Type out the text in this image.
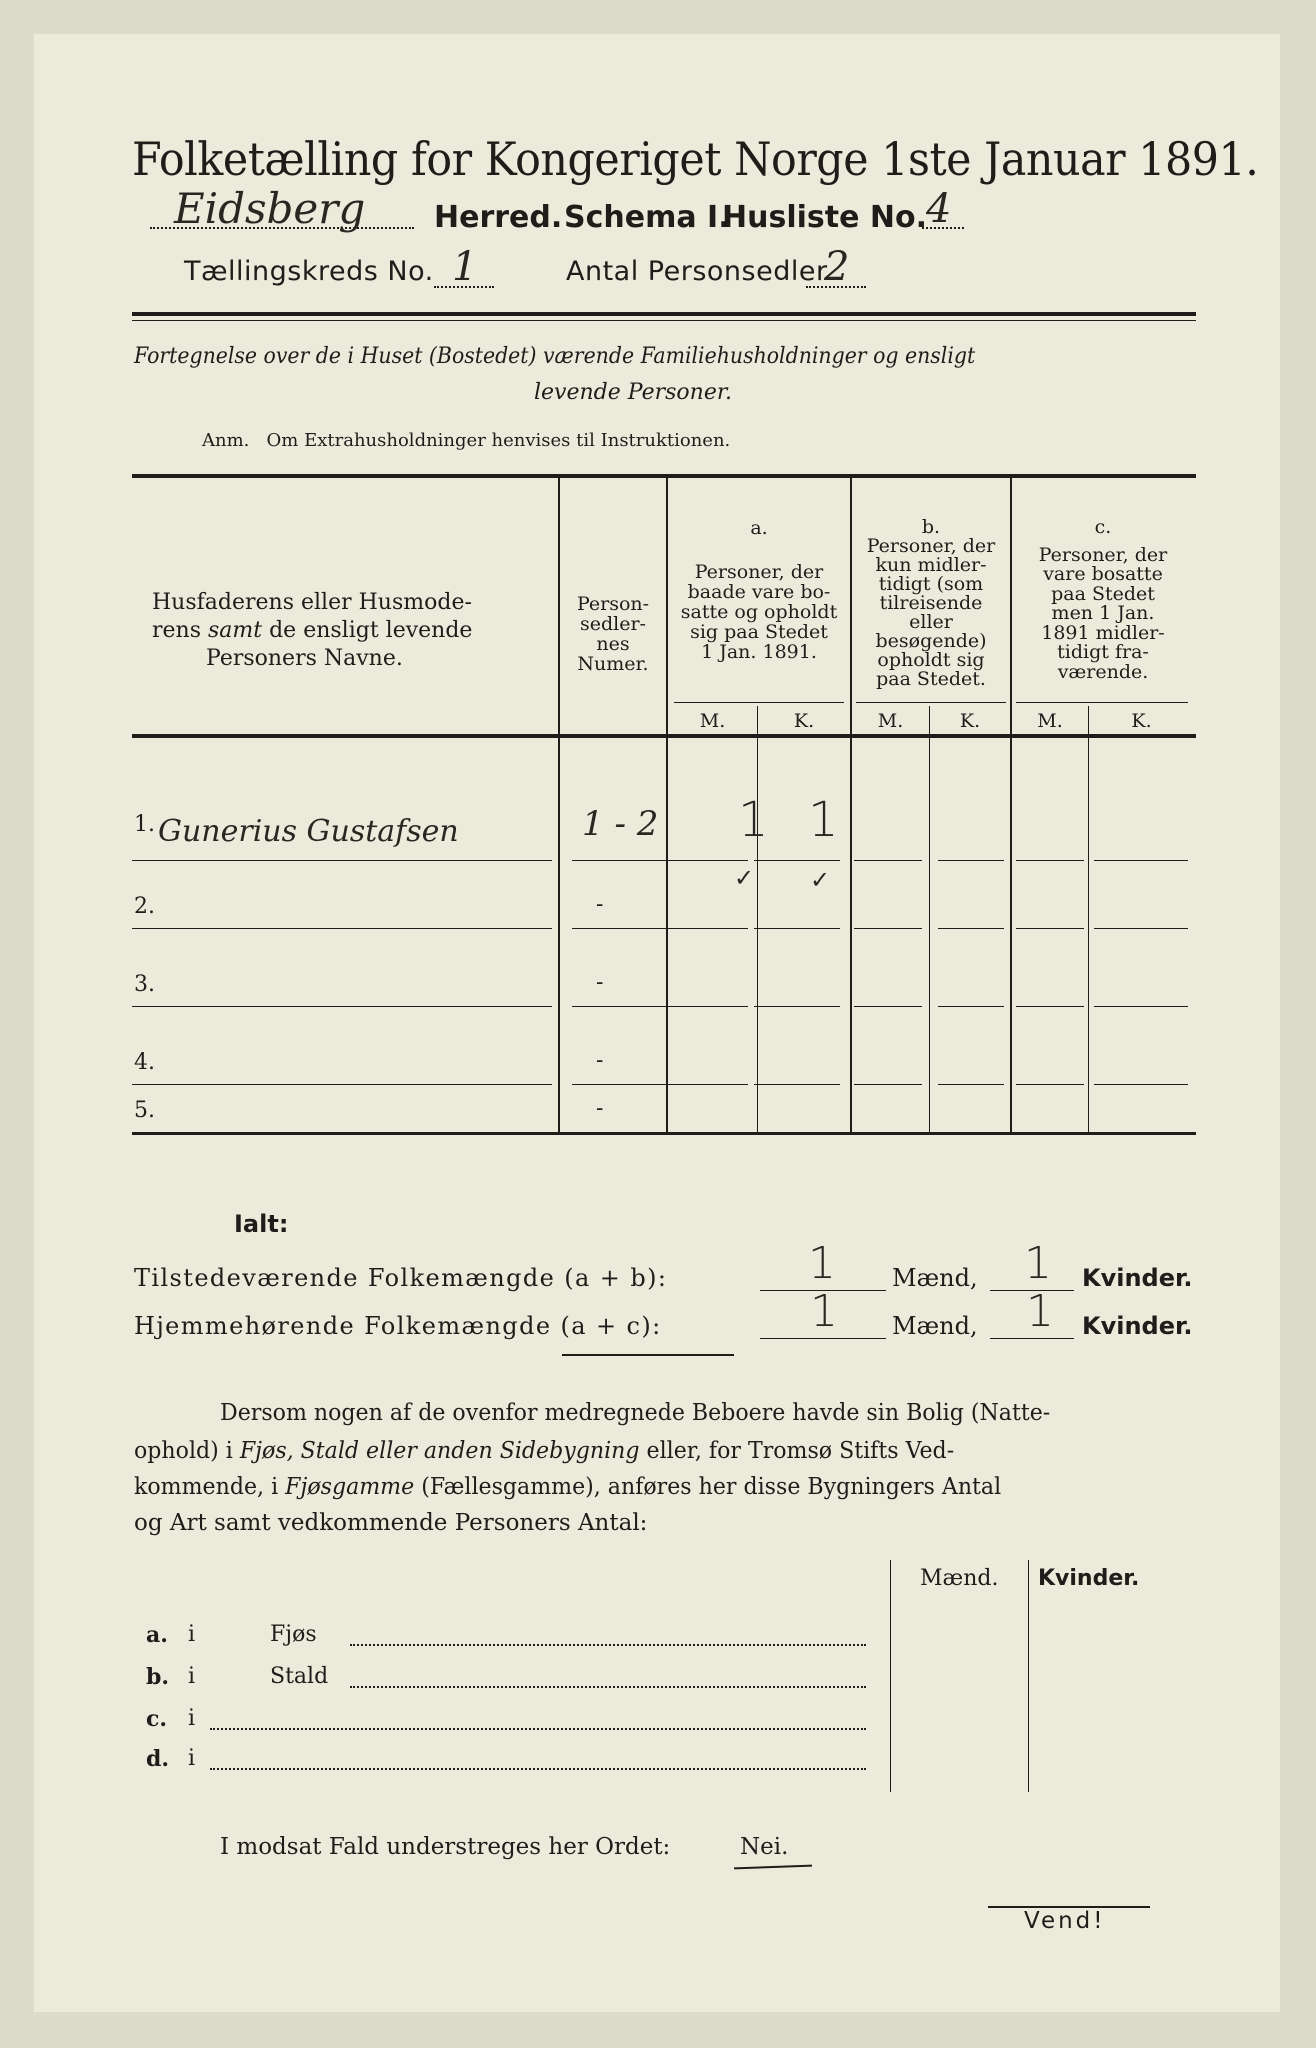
Folketælling for Kongeriget Norge 1ste Januar 1891.
Eidsberg Herred. Schema I.
Husliste No. 4
Tællingskreds No. 1	Antal Personsedler
2
Fortegnelse over de i Huset (Bostedet) værende Familiehusholdninger og ensligt
levende Personer.
Anm.   Om Extrahusholdninger henvises til Instruktionen.
Husfaderens eller Husmode-
rens samt de ensligt levende
Personers Navne.
Person-
sedler-
nes
Numer.
a.
Personer, der
baade vare bo-
satte og opholdt
sig paa Stedet
1 Jan. 1891.
b.
Personer, der
kun midler-
tidigt (som
tilreisende
eller
besøgende)
opholdt sig
paa Stedet.
c.
Personer, der
vare bosatte
paa Stedet
men 1 Jan.
1891 midler-
tidigt fra-
værende.
M.	K.	M.	K.	M.	K.
1. Gunerius Gustafsen	1 - 2 1 1
✓ ✓
2.	-
3.	-
4.	-
5.	-
Ialt:
Tilstedeværende Folkemængde (a + b):	1 Mænd, 1 Kvinder.
Hjemmehørende Folkemængde (a + c):	1 Mænd, 1 Kvinder.
Dersom nogen af de ovenfor medregnede Beboere havde sin Bolig (Natte-
ophold) i Fjøs, Stald eller anden Sidebygning eller, for Tromsø Stifts Ved-
kommende, i Fjøsgamme (Fællesgamme), anføres her disse Bygningers Antal
og Art samt vedkommende Personers Antal:
Mænd. Kvinder.
a. i	Fjøs
b. i	Stald
c. i
d. i
I modsat Fald understreges her Ordet:	Nei.
Vend!
